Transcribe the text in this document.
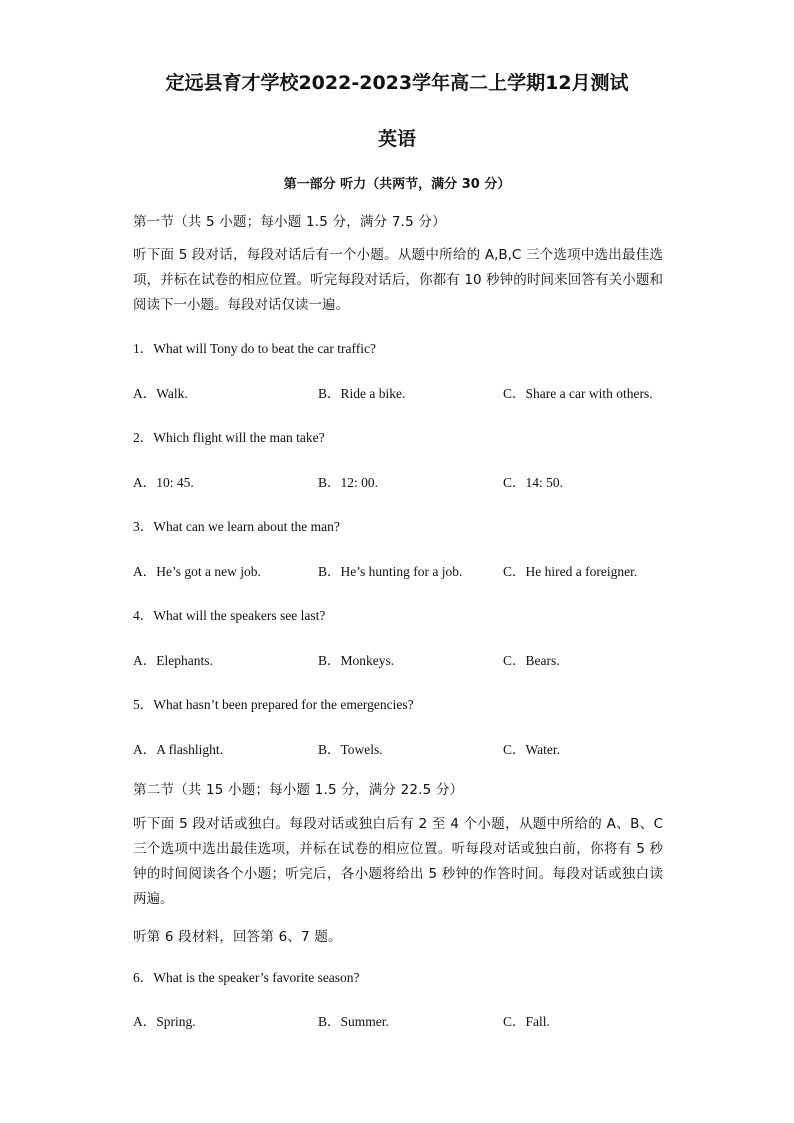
定远县育才学校2022-2023学年高二上学期12月测试
英语
第一部分 听力（共两节，满分 30 分）

第一节（共 5 小题；每小题 1.5 分，满分 7.5 分）

听下面 5 段对话，每段对话后有一个小题。从题中所给的 A,B,C 三个选项中选出最佳选项，并标在试卷的相应位置。听完每段对话后，你都有 10 秒钟的时间来回答有关小题和阅读下一小题。每段对话仅读一遍。

1．What will Tony do to beat the car traffic?

A．Walk.	B．Ride a bike.	C．Share a car with others.

2．Which flight will the man take?

A．10: 45.	B．12: 00.	C．14: 50.

3．What can we learn about the man?

A．He’s got a new job.	B．He’s hunting for a job.	C．He hired a foreigner.

4．What will the speakers see last?

A．Elephants.	B．Monkeys.	C．Bears.

5．What hasn’t been prepared for the emergencies?

A．A flashlight.	B．Towels.	C．Water.

第二节（共 15 小题；每小题 1.5 分，满分 22.5 分）

听下面 5 段对话或独白。每段对话或独白后有 2 至 4 个小题，从题中所给的 A、B、C 三个选项中选出最佳选项，并标在试卷的相应位置。听每段对话或独白前，你将有 5 秒钟的时间阅读各个小题；听完后，各小题将给出 5 秒钟的作答时间。每段对话或独白读两遍。

听第 6 段材料，回答第 6、7 题。

6．What is the speaker’s favorite season?

A．Spring.	B．Summer.	C．Fall.
